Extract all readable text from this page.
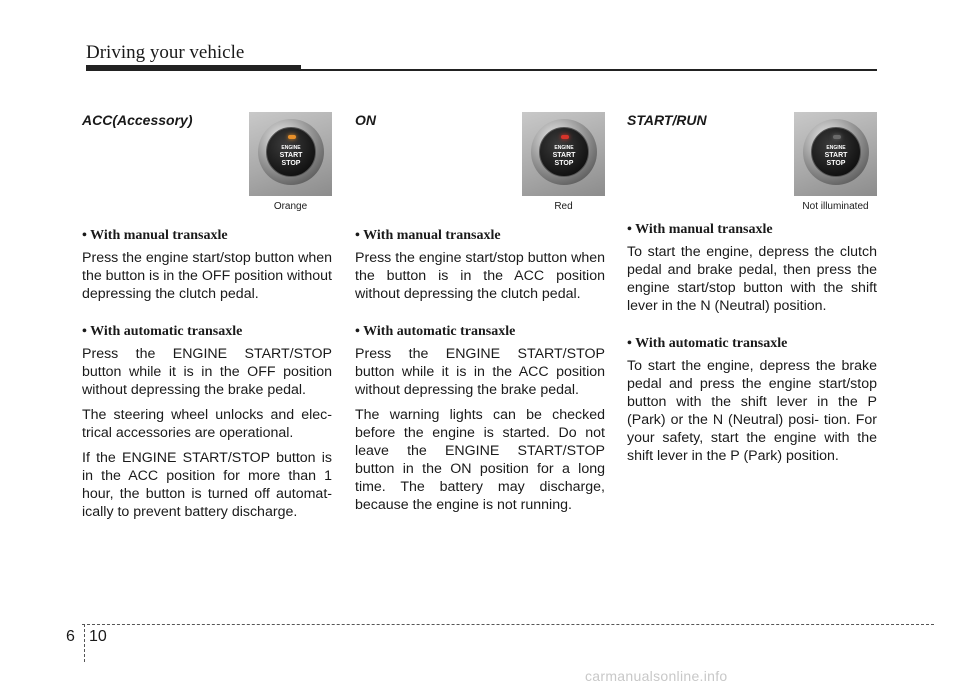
Driving your vehicle
ACC(Accessory)
ENGINE
START
STOP
Orange

• With manual transaxle

Press the engine start/stop button when the button is in the OFF position without depressing the clutch pedal.

• With automatic transaxle

Press the ENGINE START/STOP button while it is in the OFF position without depressing the brake pedal.

The steering wheel unlocks and elec- trical accessories are operational.

If the ENGINE START/STOP button is in the ACC position for more than 1 hour, the button is turned off automat- ically to prevent battery discharge.

ON
ENGINE
START
STOP
Red

• With manual transaxle

Press the engine start/stop button when the button is in the ACC position without depressing the clutch pedal.

• With automatic transaxle

Press the ENGINE START/STOP button while it is in the ACC position without depressing the brake pedal.

The warning lights can be checked before the engine is started. Do not leave the ENGINE START/STOP button in the ON position for a long time. The battery may discharge, because the engine is not running.

START/RUN
ENGINE
START
STOP
Not illuminated

• With manual transaxle

To start the engine, depress the clutch pedal and brake pedal, then press the engine start/stop button with the shift lever in the N (Neutral) position.

• With automatic transaxle

To start the engine, depress the brake pedal and press the engine start/stop button with the shift lever in the P (Park) or the N (Neutral) posi- tion. For your safety, start the engine with the shift lever in the P (Park) position.

6 10
carmanualsonline.info
